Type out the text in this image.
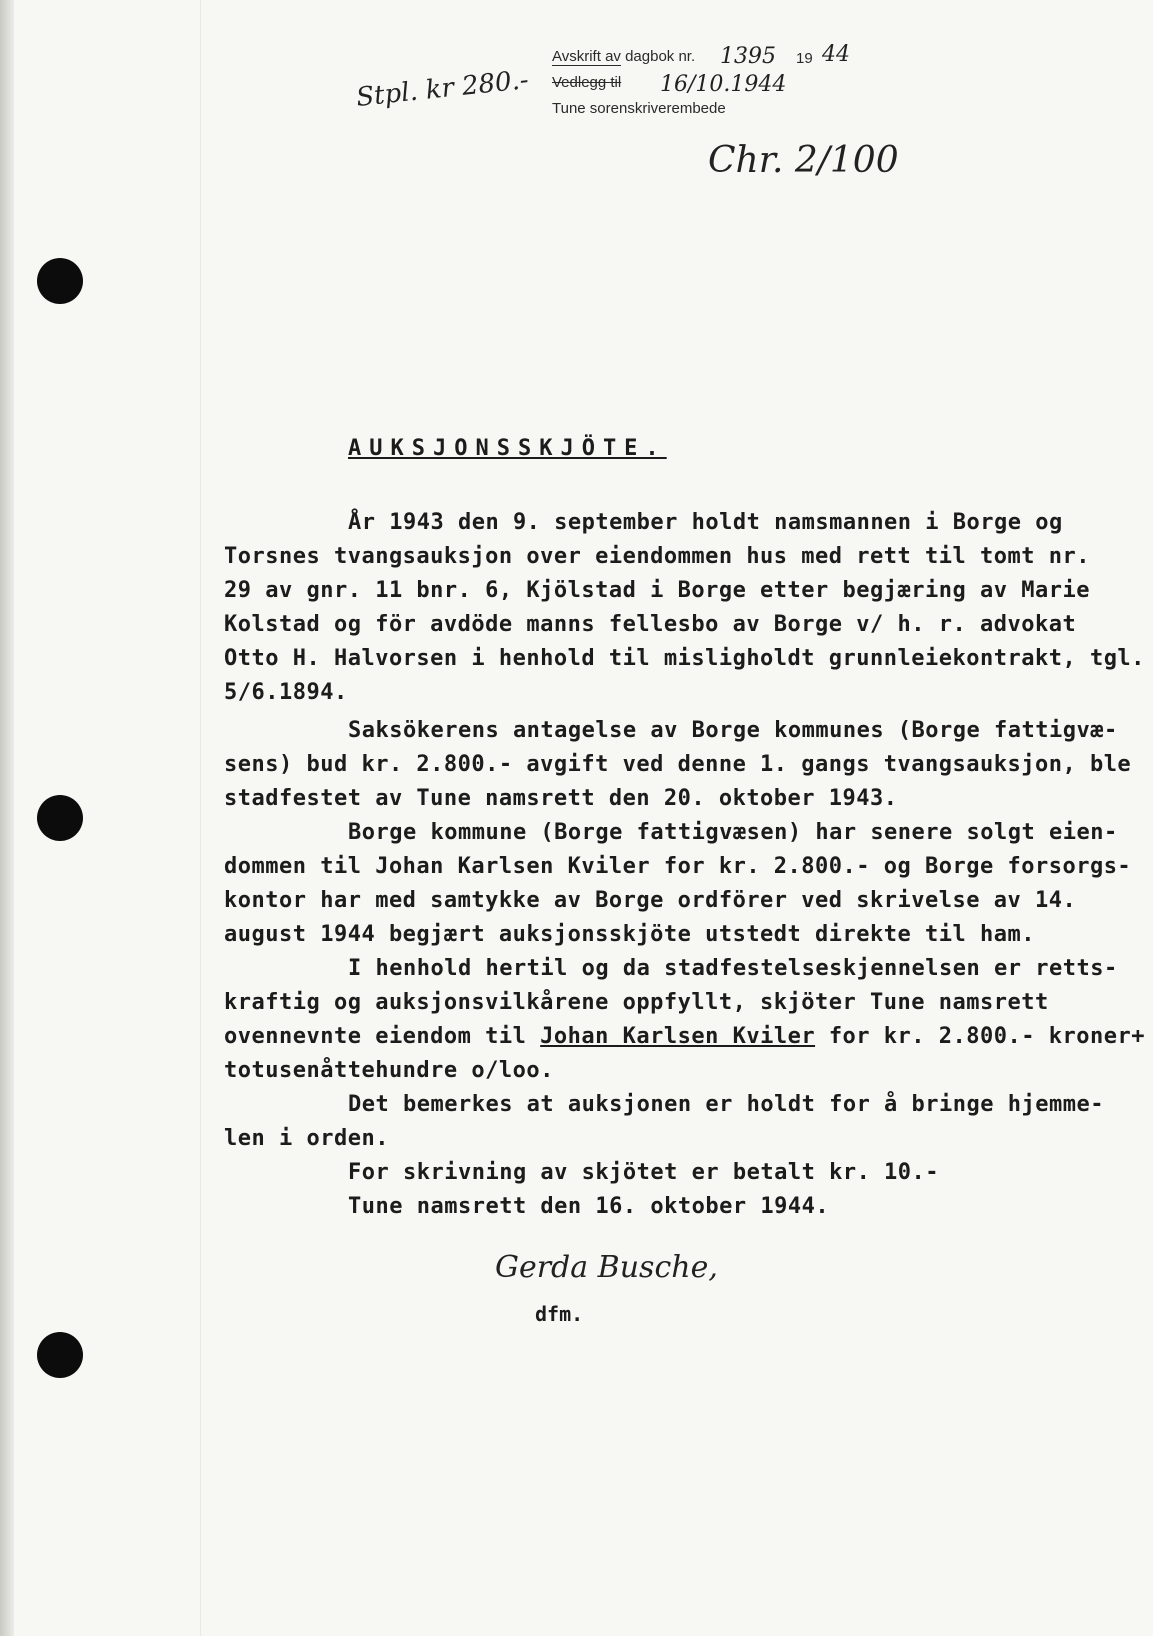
Avskrift av dagbok nr. 1395 19 44
Vedlegg til 16/10.1944
Tune sorenskriverembede
Stpl. kr 280.-
Chr. 2/100
AUKSJONSSKJÖTE.
År 1943 den 9. september holdt namsmannen i Borge og
Torsnes tvangsauksjon over eiendommen hus med rett til tomt nr.
29 av gnr. 11 bnr. 6, Kjölstad i Borge etter begjæring av Marie
Kolstad og för avdöde manns fellesbo av Borge v/ h. r. advokat
Otto H. Halvorsen i henhold til misligholdt grunnleiekontrakt, tgl.
5/6.1894.
Saksökerens antagelse av Borge kommunes (Borge fattigvæ-
sens) bud kr. 2.800.- avgift ved denne 1. gangs tvangsauksjon, ble
stadfestet av Tune namsrett den 20. oktober 1943.
Borge kommune (Borge fattigvæsen) har senere solgt eien-
dommen til Johan Karlsen Kviler for kr. 2.800.- og Borge forsorgs-
kontor har med samtykke av Borge ordförer ved skrivelse av 14.
august 1944 begjært auksjonsskjöte utstedt direkte til ham.
I henhold hertil og da stadfestelseskjennelsen er retts-
kraftig og auksjonsvilkårene oppfyllt, skjöter Tune namsrett
ovennevnte eiendom til Johan Karlsen Kviler for kr. 2.800.- kroner+
totusenåttehundre o/loo.
Det bemerkes at auksjonen er holdt for å bringe hjemme-
len i orden.
For skrivning av skjötet er betalt kr. 10.-
Tune namsrett den 16. oktober 1944.
Gerda Busche,
dfm.
